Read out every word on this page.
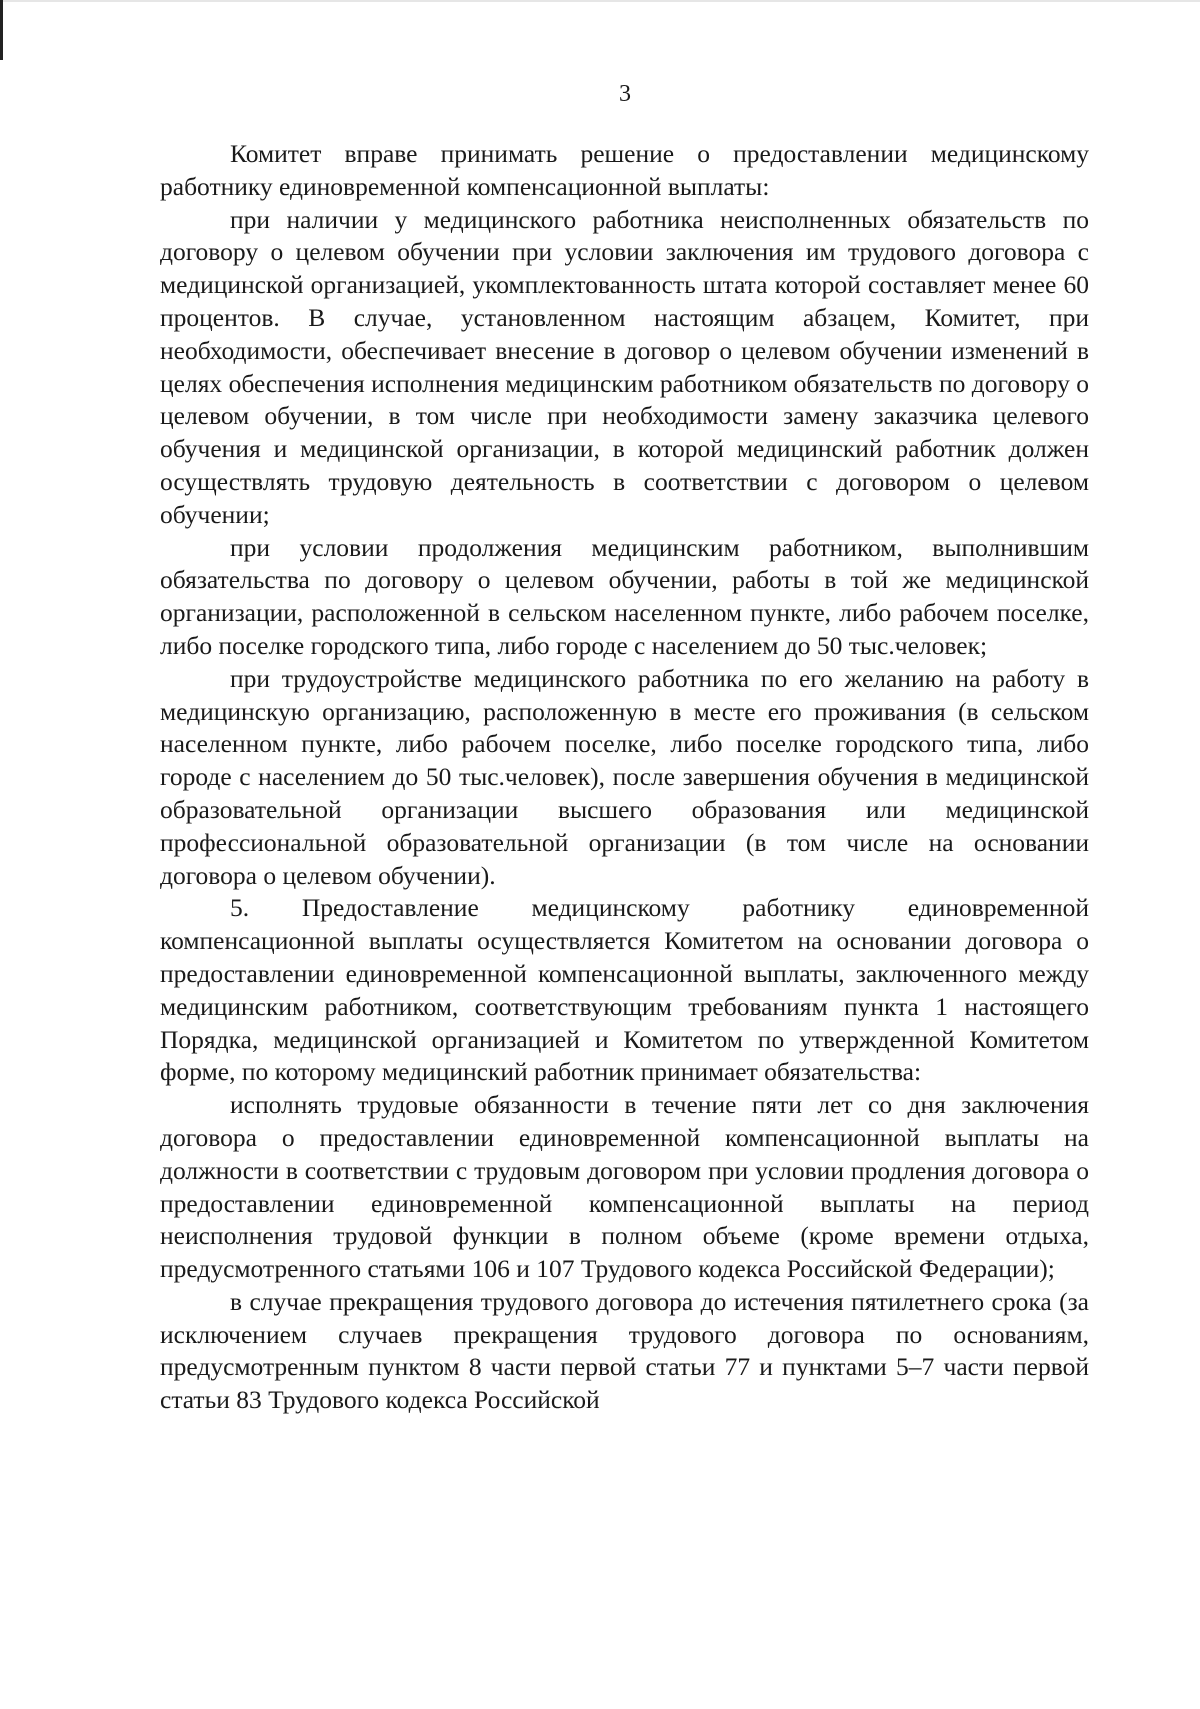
3

Комитет вправе принимать решение о предоставлении медицинскому работнику единовременной компенсационной выплаты:

при наличии у медицинского работника неисполненных обязательств по договору о целевом обучении при условии заключения им трудового договора с медицинской организацией, укомплектованность штата которой составляет менее 60 процентов. В случае, установленном настоящим абзацем, Комитет, при необходимости, обеспечивает внесение в договор о целевом обучении изменений в целях обеспечения исполнения медицинским работником обязательств по договору о целевом обучении, в том числе при необходимости замену заказчика целевого обучения и медицинской организации, в которой медицинский работник должен осуществлять трудовую деятельность в соответствии с договором о целевом обучении;

при условии продолжения медицинским работником, выполнившим обязательства по договору о целевом обучении, работы в той же медицинской организации, расположенной в сельском населенном пункте, либо рабочем поселке, либо поселке городского типа, либо городе с населением до 50 тыс.человек;

при трудоустройстве медицинского работника по его желанию на работу в медицинскую организацию, расположенную в месте его проживания (в сельском населенном пункте, либо рабочем поселке, либо поселке городского типа, либо городе с населением до 50 тыс.человек), после завершения обучения в медицинской образовательной организации высшего образования или медицинской профессиональной образовательной организации (в том числе на основании договора о целевом обучении).

5. Предоставление медицинскому работнику единовременной компенсационной выплаты осуществляется Комитетом на основании договора о предоставлении единовременной компенсационной выплаты, заключенного между медицинским работником, соответствующим требованиям пункта 1 настоящего Порядка, медицинской организацией и Комитетом по утвержденной Комитетом форме, по которому медицинский работник принимает обязательства:

исполнять трудовые обязанности в течение пяти лет со дня заключения договора о предоставлении единовременной компенсационной выплаты на должности в соответствии с трудовым договором при условии продления договора о предоставлении единовременной компенсационной выплаты на период неисполнения трудовой функции в полном объеме (кроме времени отдыха, предусмотренного статьями 106 и 107 Трудового кодекса Российской Федерации);

в случае прекращения трудового договора до истечения пятилетнего срока (за исключением случаев прекращения трудового договора по основаниям, предусмотренным пунктом 8 части первой статьи 77 и пунктами 5–7 части первой статьи 83 Трудового кодекса Российской
